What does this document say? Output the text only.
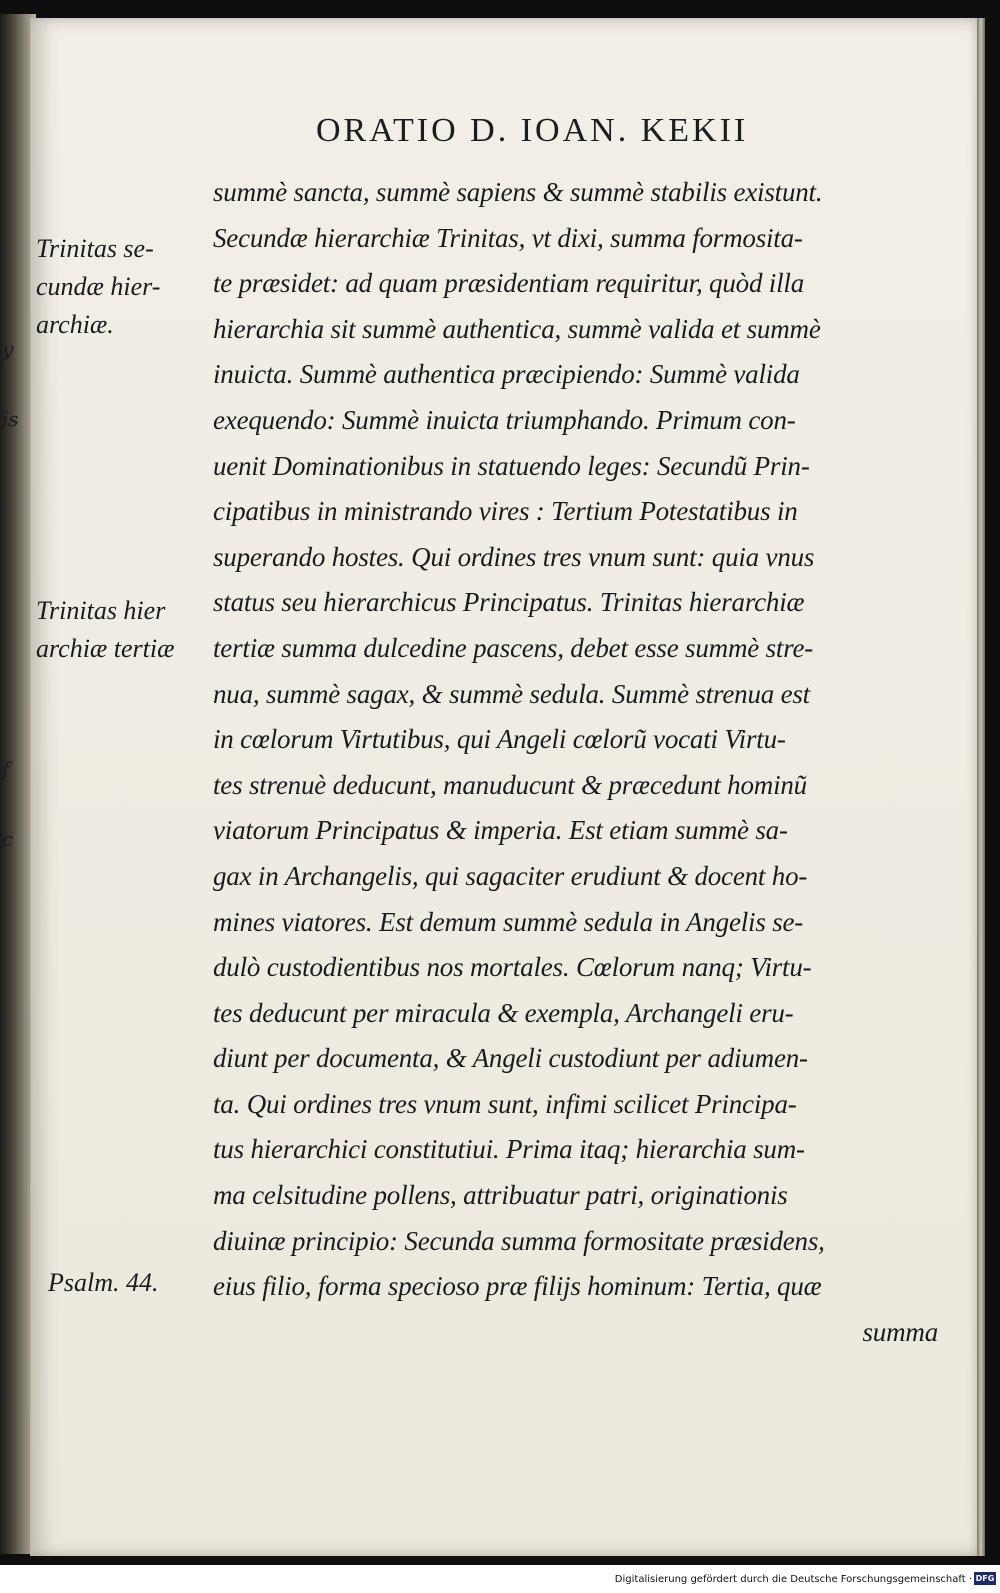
y
is
f
c
ORATIO D. IOAN. KEKII
Trinitas se-
cundæ hier-
archiæ.
Trinitas hier
archiæ tertiæ
Psalm. 44.
summè sancta, summè sapiens & summè stabilis existunt.
Secundæ hierarchiæ Trinitas, vt dixi, summa formosita-
te præsidet: ad quam præsidentiam requiritur, quòd illa
hierarchia sit summè authentica, summè valida et summè
inuicta. Summè authentica præcipiendo: Summè valida
exequendo: Summè inuicta triumphando. Primum con-
uenit Dominationibus in statuendo leges: Secundũ Prin-
cipatibus in ministrando vires : Tertium Potestatibus in
superando hostes. Qui ordines tres vnum sunt: quia vnus
status seu hierarchicus Principatus. Trinitas hierarchiæ
tertiæ summa dulcedine pascens, debet esse summè stre-
nua, summè sagax, & summè sedula. Summè strenua est
in cœlorum Virtutibus, qui Angeli cœlorũ vocati Virtu-
tes strenuè deducunt, manuducunt & præcedunt hominũ
viatorum Principatus & imperia. Est etiam summè sa-
gax in Archangelis, qui sagaciter erudiunt & docent ho-
mines viatores. Est demum summè sedula in Angelis se-
dulò custodientibus nos mortales. Cœlorum nanq; Virtu-
tes deducunt per miracula & exempla, Archangeli eru-
diunt per documenta, & Angeli custodiunt per adiumen-
ta. Qui ordines tres vnum sunt, infimi scilicet Principa-
tus hierarchici constitutiui. Prima itaq; hierarchia sum-
ma celsitudine pollens, attribuatur patri, originationis
diuinæ principio: Secunda summa formositate præsidens,
eius filio, forma specioso præ filijs hominum: Tertia, quæ
summa
Digitalisierung gefördert durch die Deutsche Forschungsgemeinschaft · DFG
